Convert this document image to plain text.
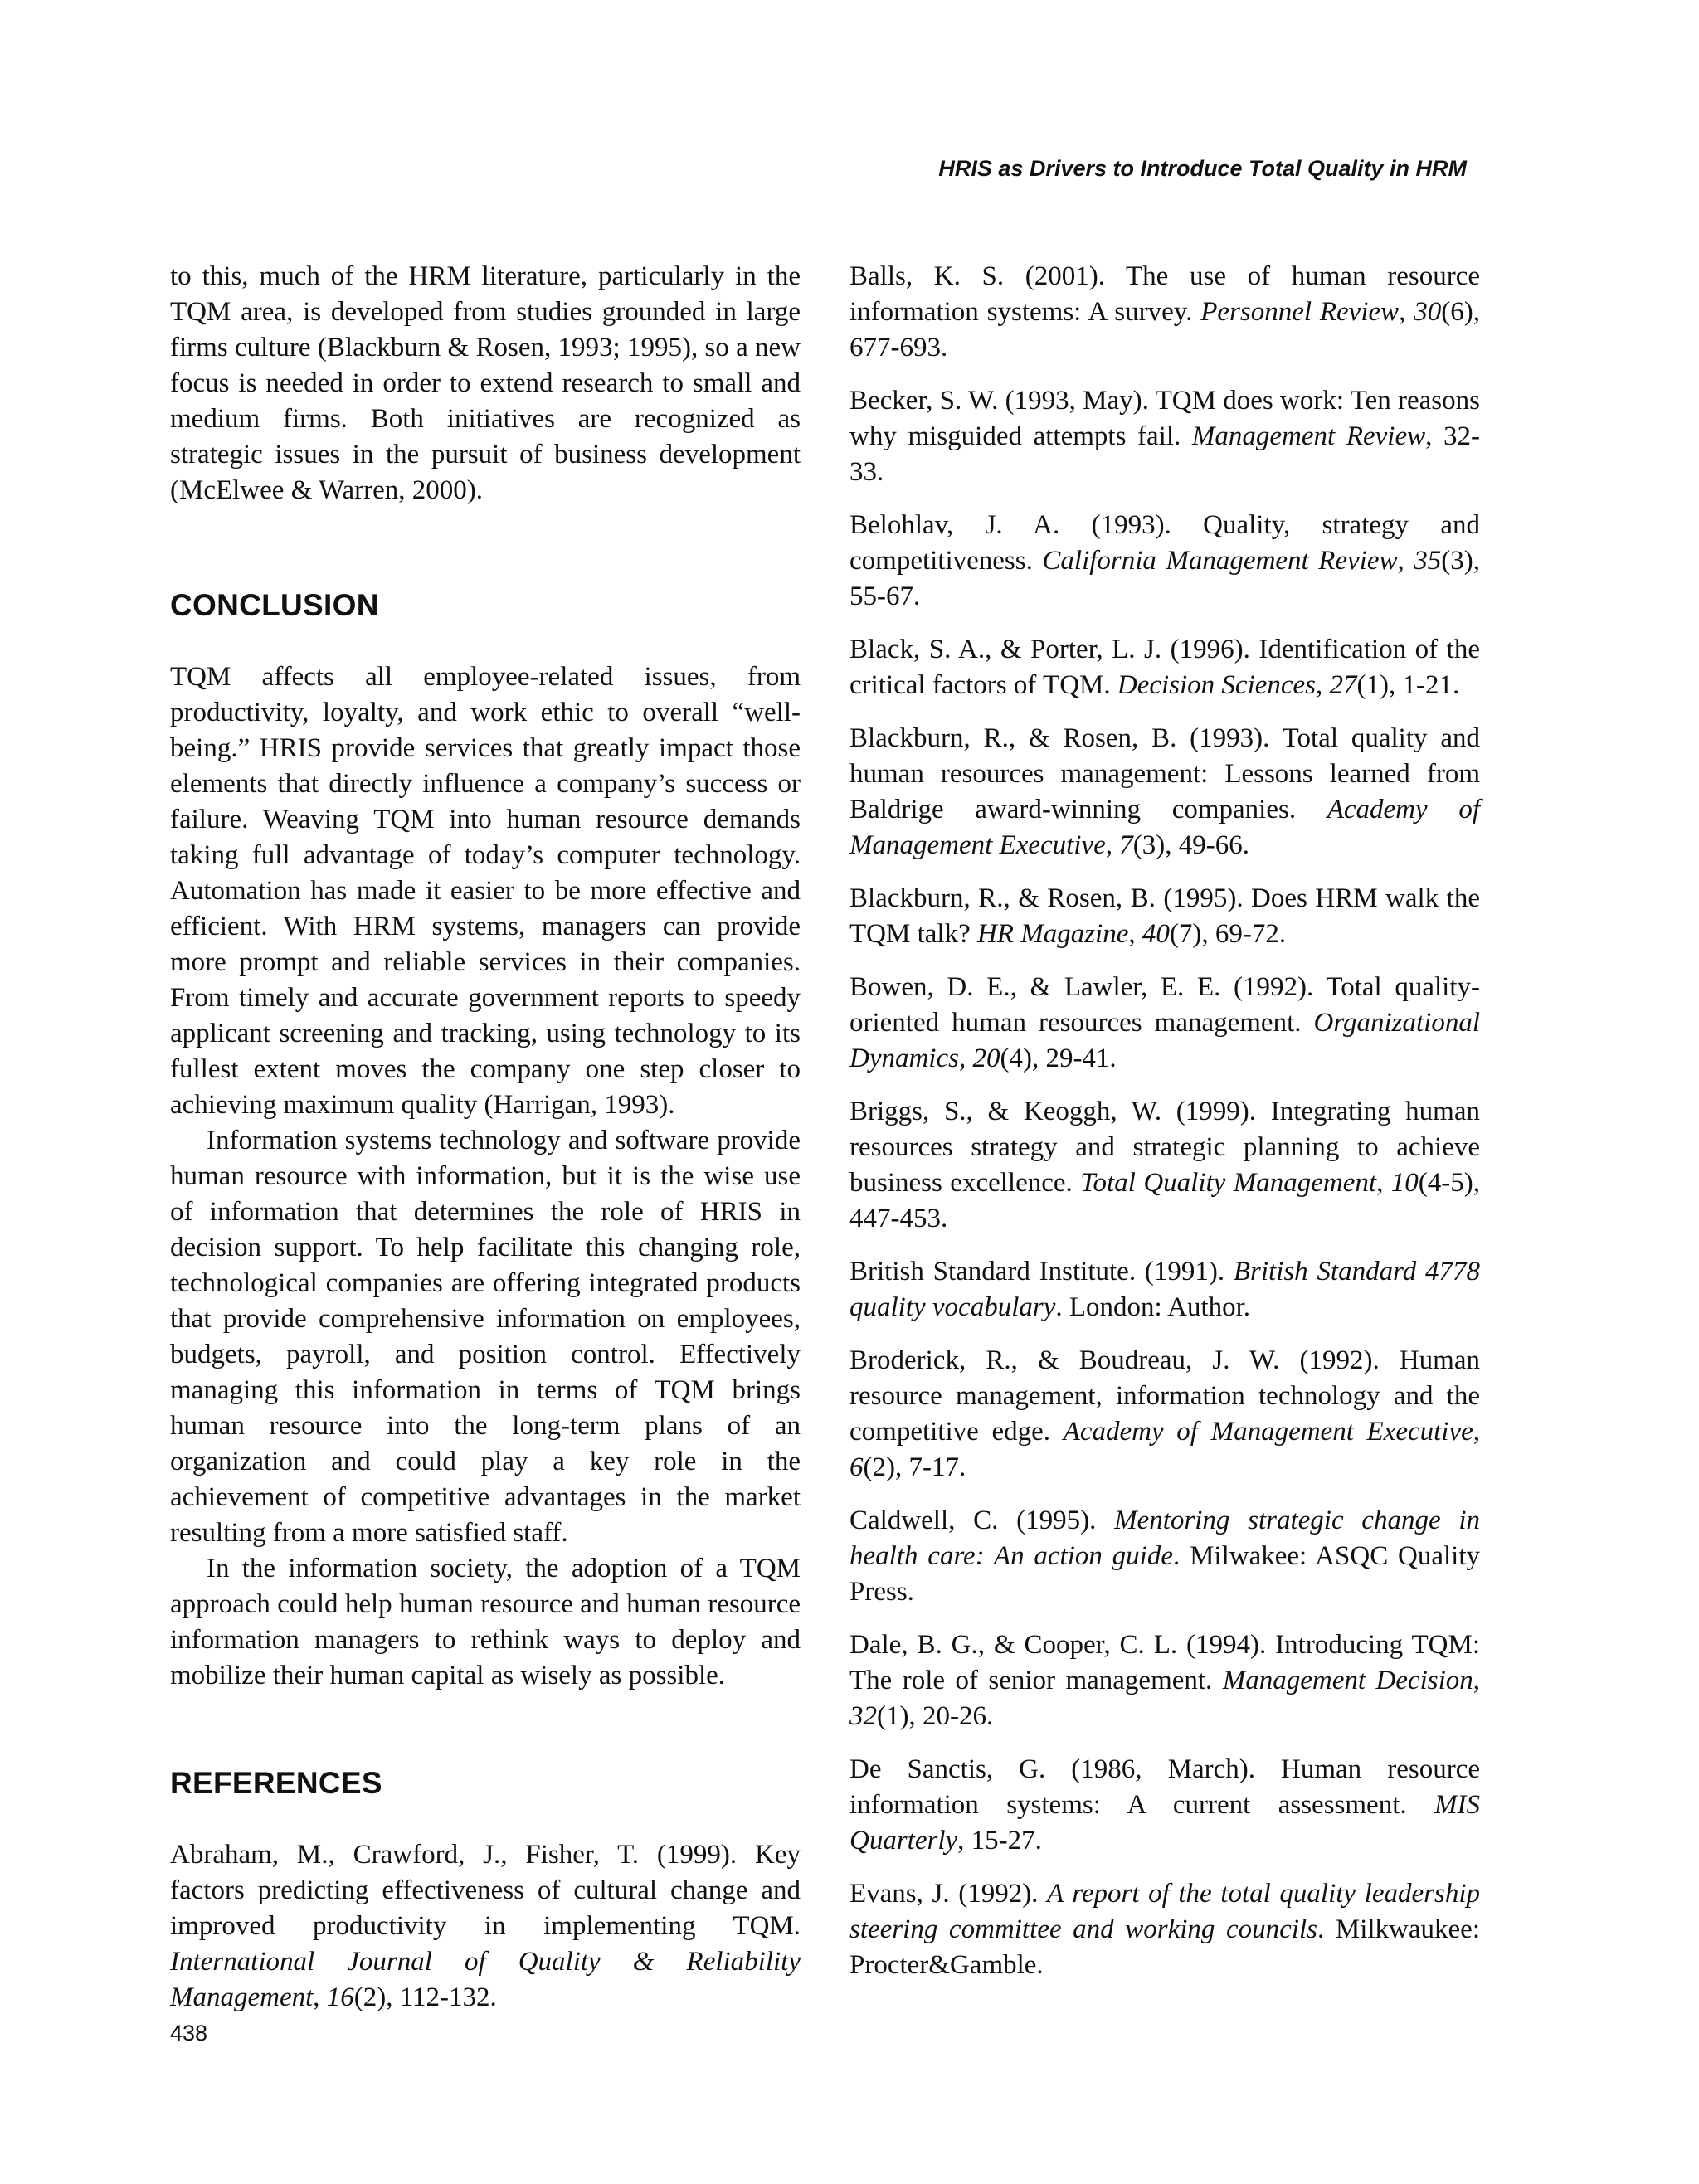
HRIS as Drivers to Introduce Total Quality in HRM

to this, much of the HRM literature, particularly in the TQM area, is developed from studies grounded in large firms culture (Blackburn & Rosen, 1993; 1995), so a new focus is needed in order to extend research to small and medium firms. Both initiatives are recognized as strategic issues in the pursuit of business development (McElwee & Warren, 2000).

CONCLUSION

TQM affects all employee-related issues, from productivity, loyalty, and work ethic to overall “well-being.” HRIS provide services that greatly impact those elements that directly influence a company’s success or failure. Weaving TQM into human resource demands taking full advantage of today’s computer technology. Automation has made it easier to be more effective and efficient. With HRM systems, managers can provide more prompt and reliable services in their companies. From timely and accurate government reports to speedy applicant screening and tracking, using technology to its fullest extent moves the company one step closer to achieving maximum quality (Harrigan, 1993).

Information systems technology and software provide human resource with information, but it is the wise use of information that determines the role of HRIS in decision support. To help facilitate this changing role, technological companies are offering integrated products that provide comprehensive information on employees, budgets, payroll, and position control. Effectively managing this information in terms of TQM brings human resource into the long-term plans of an organization and could play a key role in the achievement of competitive advantages in the market resulting from a more satisfied staff.

In the information society, the adoption of a TQM approach could help human resource and human resource information managers to rethink ways to deploy and mobilize their human capital as wisely as possible.

REFERENCES

Abraham, M., Crawford, J., Fisher, T. (1999). Key factors predicting effectiveness of cultural change and improved productivity in implementing TQM. International Journal of Quality & Reliability Management, 16(2), 112-132.

Balls, K. S. (2001). The use of human resource information systems: A survey. Personnel Review, 30(6), 677-693.

Becker, S. W. (1993, May). TQM does work: Ten reasons why misguided attempts fail. Management Review, 32-33.

Belohlav, J. A. (1993). Quality, strategy and competitiveness. California Management Review, 35(3), 55-67.

Black, S. A., & Porter, L. J. (1996). Identification of the critical factors of TQM. Decision Sciences, 27(1), 1-21.

Blackburn, R., & Rosen, B. (1993). Total quality and human resources management: Lessons learned from Baldrige award-winning companies. Academy of Management Executive, 7(3), 49-66.

Blackburn, R., & Rosen, B. (1995). Does HRM walk the TQM talk? HR Magazine, 40(7), 69-72.

Bowen, D. E., & Lawler, E. E. (1992). Total quality-oriented human resources management. Organizational Dynamics, 20(4), 29-41.

Briggs, S., & Keoggh, W. (1999). Integrating human resources strategy and strategic planning to achieve business excellence. Total Quality Management, 10(4-5), 447-453.

British Standard Institute. (1991). British Standard 4778 quality vocabulary. London: Author.

Broderick, R., & Boudreau, J. W. (1992). Human resource management, information technology and the competitive edge. Academy of Management Executive, 6(2), 7-17.

Caldwell, C. (1995). Mentoring strategic change in health care: An action guide. Milwakee: ASQC Quality Press.

Dale, B. G., & Cooper, C. L. (1994). Introducing TQM: The role of senior management. Management Decision, 32(1), 20-26.

De Sanctis, G. (1986, March). Human resource information systems: A current assessment. MIS Quarterly, 15-27.

Evans, J. (1992). A report of the total quality leadership steering committee and working councils. Milkwaukee: Procter&Gamble.

438
